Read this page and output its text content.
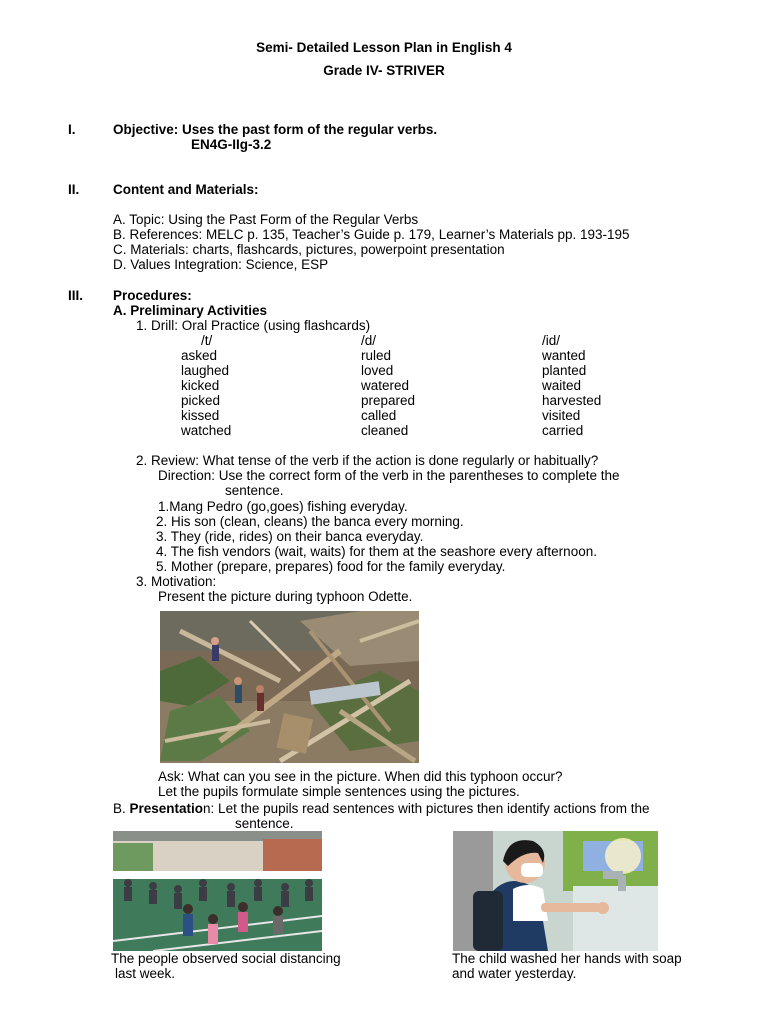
Semi- Detailed Lesson Plan in English 4
Grade IV- STRIVER
I.	Objective: Uses the past form of the regular verbs.
EN4G-IIg-3.2
II. Content and Materials:
A. Topic: Using the Past Form of the Regular Verbs
B. References: MELC p. 135, Teacher’s Guide p. 179, Learner’s Materials pp. 193-195
C. Materials: charts, flashcards, pictures, powerpoint presentation
D. Values Integration: Science, ESP
III. Procedures:
A. Preliminary Activities
1. Drill: Oral Practice (using flashcards)
/t/	/d/	/id/
asked	ruled	wanted
laughed	loved	planted
kicked	watered	waited
picked	prepared	harvested
kissed	called	visited
watched	cleaned	carried
2. Review: What tense of the verb if the action is done regularly or habitually?
Direction: Use the correct form of the verb in the parentheses to complete the
sentence.
1.Mang Pedro (go,goes) fishing everyday.
2. His son (clean, cleans) the banca every morning.
3. They (ride, rides) on their banca everyday.
4. The fish vendors (wait, waits) for them at the seashore every afternoon.
5. Mother (prepare, prepares) food for the family everyday.
3. Motivation:
Present the picture during typhoon Odette.
Ask: What can you see in the picture. When did this typhoon occur?
Let the pupils formulate simple sentences using the pictures.
B. Presentation: Let the pupils read sentences with pictures then identify actions from the
sentence.
The people observed social distancing
last week.
The child washed her hands with soap
and water yesterday.
